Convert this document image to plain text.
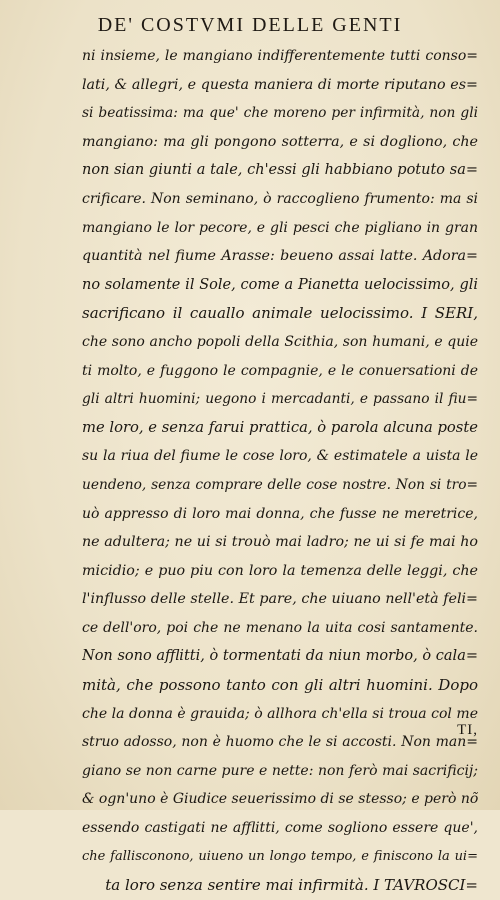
DE' COSTVMI DELLE GENTI
ni insieme, le mangiano indifferentemente tutti conso=
lati, & allegri, e questa maniera di morte riputano es=
si beatissima: ma que' che moreno per infirmità, non gli
mangiano: ma gli pongono sotterra, e si dogliono, che
non sian giunti a tale, ch'essi gli habbiano potuto sa=
crificare. Non seminano, ò raccoglieno frumento: ma si
mangiano le lor pecore, e gli pesci che pigliano in gran
quantità nel fiume Arasse: beueno assai latte. Adora=
no solamente il Sole, come a Pianetta uelocissimo, gli
sacrificano il cauallo animale uelocissimo. I SERI,
che sono ancho popoli della Scithia, son humani, e quie
ti molto, e fuggono le compagnie, e le conuersationi de
gli altri huomini; uegono i mercadanti, e passano il fiu=
me loro, e senza farui prattica, ò parola alcuna poste
su la riua del fiume le cose loro, & estimatele a uista le
uendeno, senza comprare delle cose nostre. Non si tro=
uò appresso di loro mai donna, che fusse ne meretrice,
ne adultera; ne ui si trouò mai ladro; ne ui si fe mai ho
micidio; e puo piu con loro la temenza delle leggi, che
l'influsso delle stelle. Et pare, che uiuano nell'età feli=
ce dell'oro, poi che ne menano la uita cosi santamente.
Non sono afflitti, ò tormentati da niun morbo, ò cala=
mità, che possono tanto con gli altri huomini. Dopo
che la donna è grauida; ò allhora ch'ella si troua col me
struo adosso, non è huomo che le si accosti. Non man=
giano se non carne pure e nette: non ferò mai sacrificij;
& ogn'uno è Giudice seuerissimo di se stesso; e però nõ
essendo castigati ne afflitti, come sogliono essere que',
che fallisconono, uiueno un longo tempo, e finiscono la ui=
ta loro senza sentire mai infirmità. I TAVROSCI=
TI,
